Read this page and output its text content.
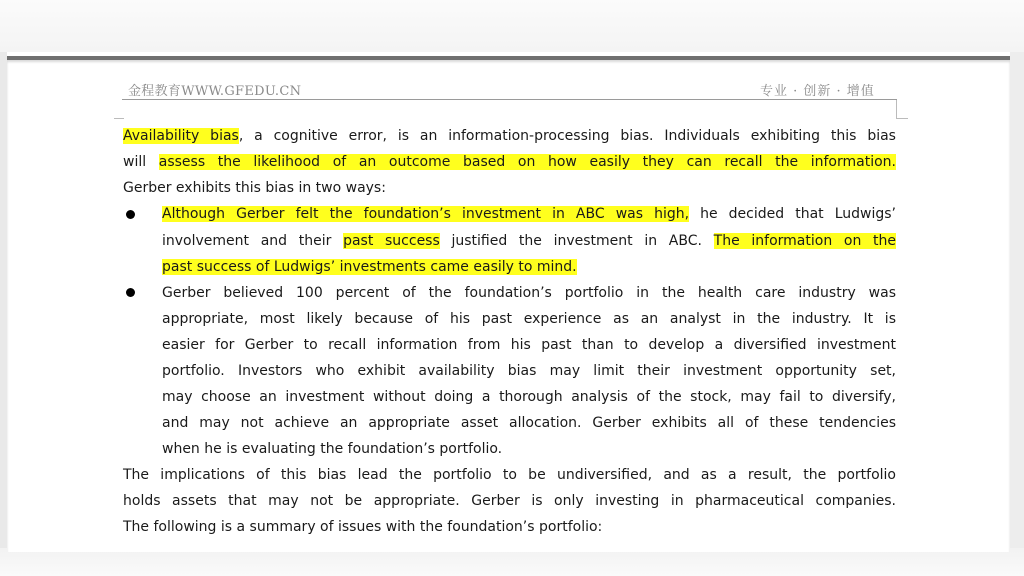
金程教育WWW.GFEDU.CN	专业 · 创新 · 增值
Availability bias, a cognitive error, is an information-processing bias. Individuals exhibiting this bias
will assess the likelihood of an outcome based on how easily they can recall the information.
Gerber exhibits this bias in two ways:
Although Gerber felt the foundation’s investment in ABC was high, he decided that Ludwigs’
involvement and their past success justified the investment in ABC. The information on the
past success of Ludwigs’ investments came easily to mind.
Gerber believed 100 percent of the foundation’s portfolio in the health care industry was
appropriate, most likely because of his past experience as an analyst in the industry. It is
easier for Gerber to recall information from his past than to develop a diversified investment
portfolio. Investors who exhibit availability bias may limit their investment opportunity set,
may choose an investment without doing a thorough analysis of the stock, may fail to diversify,
and may not achieve an appropriate asset allocation. Gerber exhibits all of these tendencies
when he is evaluating the foundation’s portfolio.
The implications of this bias lead the portfolio to be undiversified, and as a result, the portfolio
holds assets that may not be appropriate. Gerber is only investing in pharmaceutical companies.
The following is a summary of issues with the foundation’s portfolio:
